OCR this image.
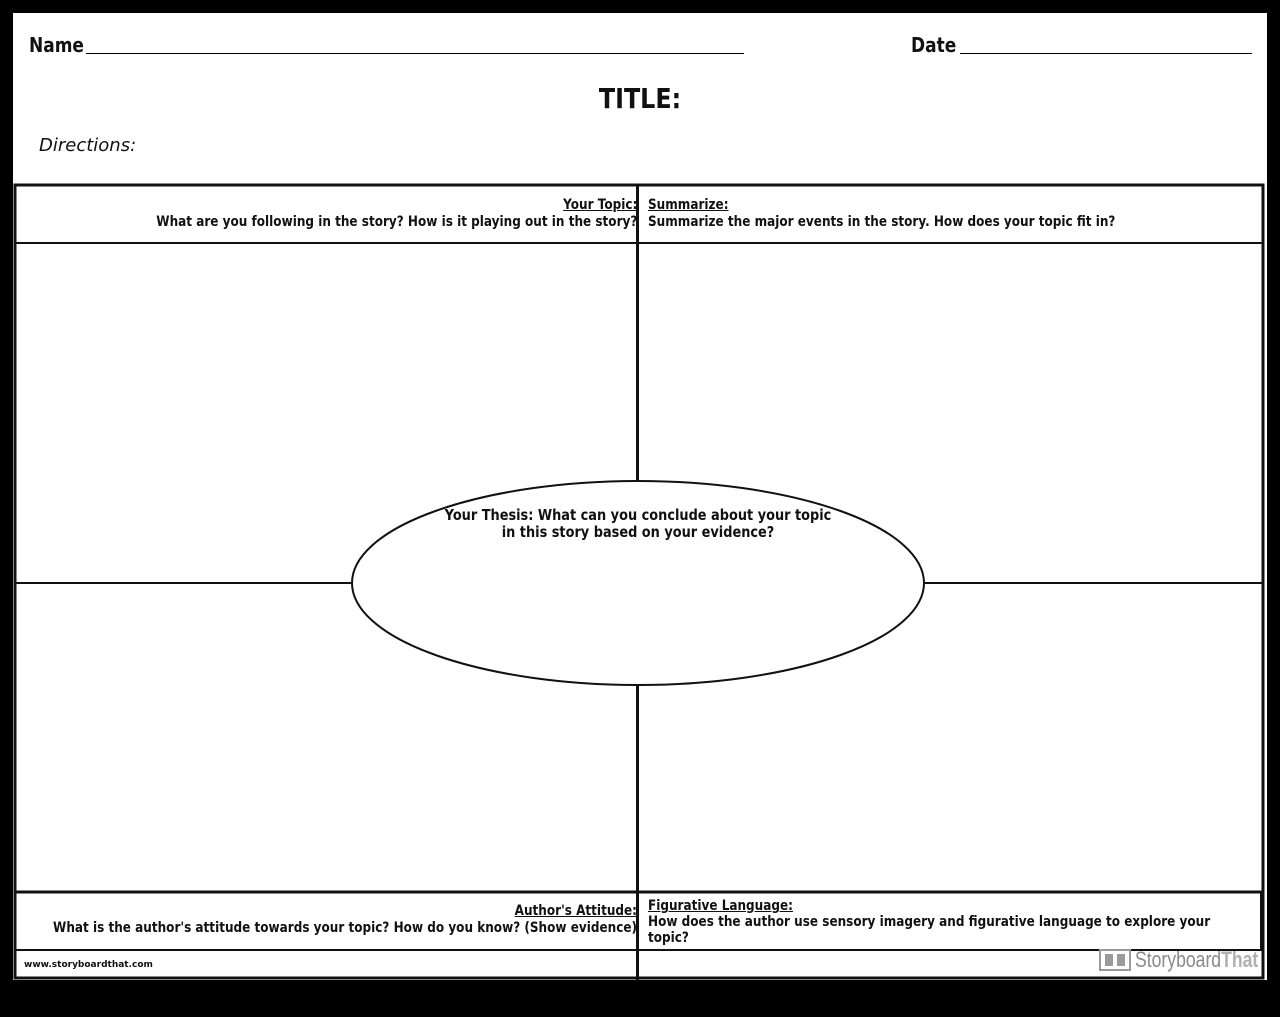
Name	Date
TITLE:
Directions:
Your Topic:
What are you following in the story? How is it playing out in the story?
Summarize:
Summarize the major events in the story. How does your topic fit in?
Your Thesis: What can you conclude about your topic
in this story based on your evidence?
Author's Attitude:
What is the author's attitude towards your topic? How do you know? (Show evidence)
Figurative Language:
How does the author use sensory imagery and figurative language to explore your
topic?
www.storyboardthat.com	StoryboardThat
